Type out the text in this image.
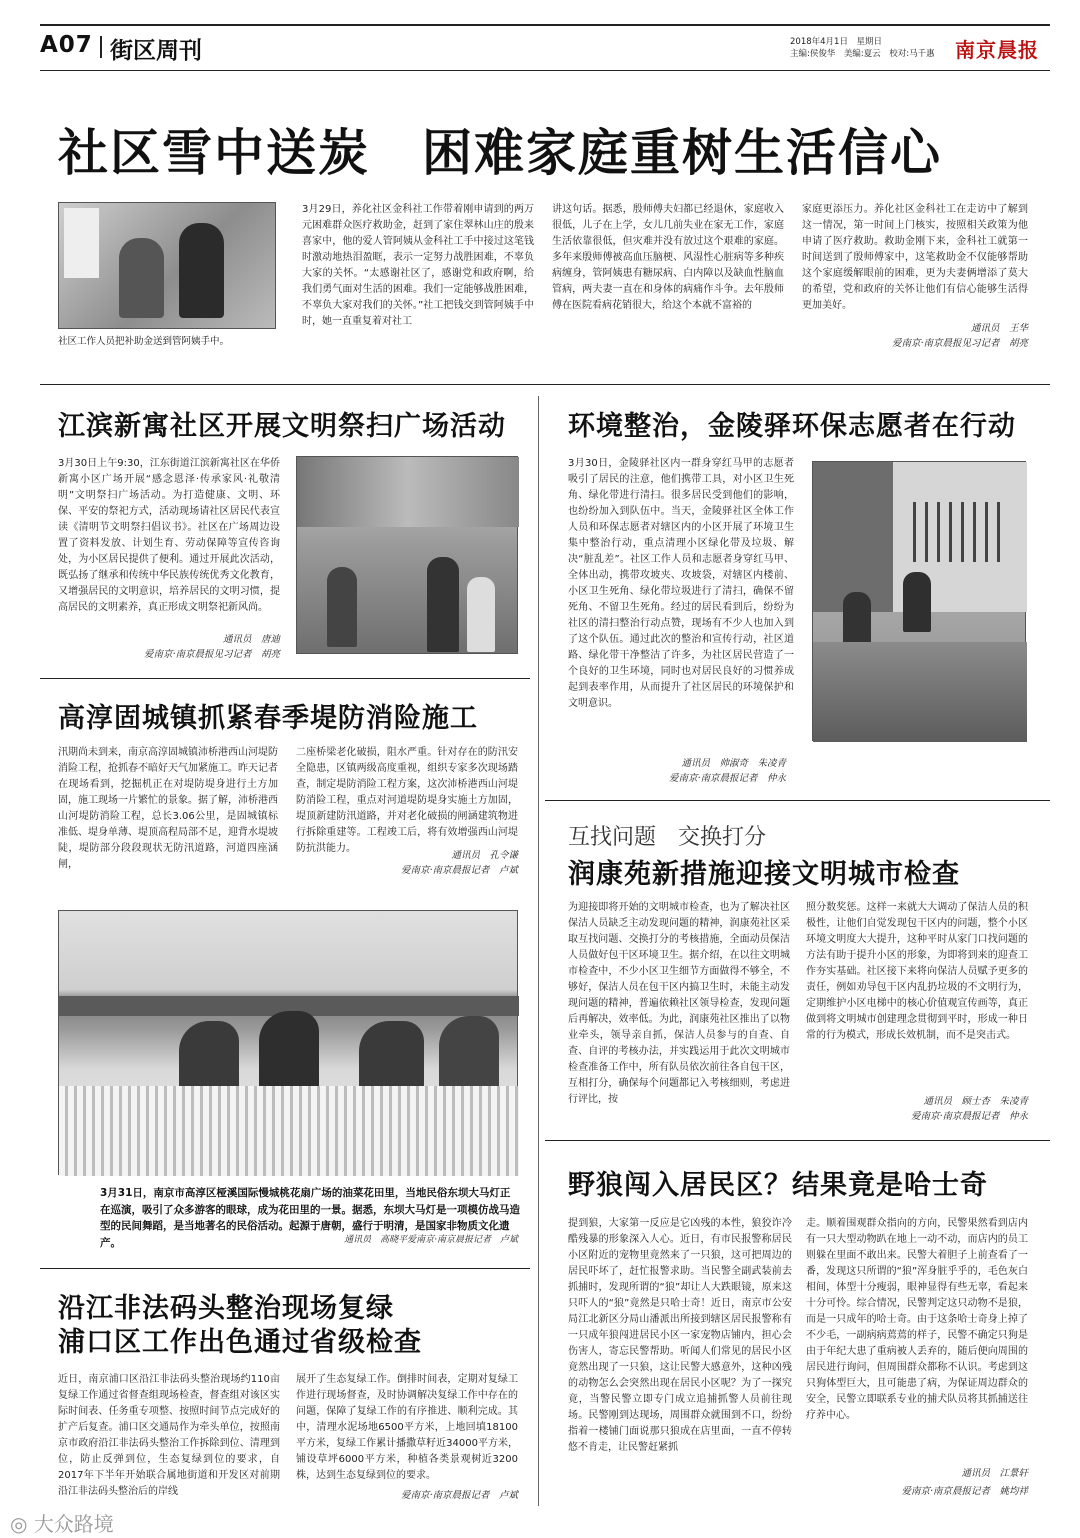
A07 街区周刊	2018年4月1日　星期日
主编:侯俊华　美编:夏云　校对:马千惠	南京晨报
社区雪中送炭　困难家庭重树生活信心
社区工作人员把补助金送到管阿姨手中。
3月29日，养化社区金科社工作带着刚申请到的两万元困难群众医疗救助金，赶到了家住翠林山庄的殷来喜家中，他的爱人管阿姨从金科社工手中接过这笔钱时激动地热泪盈眶，表示一定努力战胜困难，不辜负大家的关怀。“太感谢社区了，感谢党和政府啊，给我们勇气面对生活的困难。我们一定能够战胜困难，不辜负大家对我们的关怀。”社工把钱交到管阿姨手中时，她一直重复着对社工
讲这句话。据悉，殷师傅夫妇都已经退休，家庭收入很低，儿子在上学，女儿几前失业在家无工作，家庭生活依靠很低，但灾难并没有放过这个艰难的家庭。多年来殷师傅被高血压脑梗、风湿性心脏病等多种疾病缠身，管阿姨患有糖尿病、白内障以及缺血性脑血管病，两夫妻一直在和身体的病痛作斗争。去年殷师傅在医院看病花销很大，给这个本就不富裕的
家庭更添压力。养化社区金科社工在走访中了解到这一情况，第一时间上门核实，按照相关政策为他申请了医疗救助。救助金刚下来，金科社工就第一时间送到了殷师傅家中，这笔救助金不仅能够帮助这个家庭缓解眼前的困难，更为夫妻俩增添了莫大的希望，党和政府的关怀让他们有信心能够生活得更加美好。
通讯员　王华
爱南京·南京晨报见习记者　胡亮
江滨新寓社区开展文明祭扫广场活动
3月30日上午9:30，江东街道江滨新寓社区在华侨新寓小区广场开展“感念恩泽·传承家风·礼敬清明”文明祭扫广场活动。为打造健康、文明、环保、平安的祭祀方式，活动现场请社区居民代表宣读《清明节文明祭扫倡议书》。社区在广场周边设置了资料发放、计划生育、劳动保障等宣传咨询处，为小区居民提供了便利。通过开展此次活动，既弘扬了继承和传统中华民族传统优秀文化教育，又增强居民的文明意识，培养居民的文明习惯，提高居民的文明素养，真正形成文明祭祀新风尚。
通讯员　唐迪
爱南京·南京晨报见习记者　胡亮
高淳固城镇抓紧春季堤防消险施工
汛期尚未到来，南京高淳固城镇沛桥港西山河堤防消险工程，抢抓春不暗好天气加紧施工。昨天记者在现场看到，挖掘机正在对堤防堤身进行土方加固，施工现场一片繁忙的景象。据了解，沛桥港西山河堤防消险工程，总长3.06公里，是固城镇标准低、堤身单薄、堤顶高程局部不足，迎背水堤坡陡，堤防部分段段现状无防汛道路，河道四座涵闸，
二座桥梁老化破损，阻水严重。针对存在的防汛安全隐患，区镇两级高度重视，组织专家多次现场踏查，制定堤防消险工程方案，这次沛桥港西山河堤防消险工程，重点对河道堤防堤身实施土方加固，堤顶新建防汛道路，并对老化破损的闸涵建筑物进行拆除重建等。工程竣工后，将有效增强西山河堤防抗洪能力。
通讯员　孔令谦
爱南京·南京晨报记者　卢斌
3月31日，南京市高淳区桠溪国际慢城桃花扇广场的油菜花田里，当地民俗东坝大马灯正在巡演，吸引了众多游客的眼球，成为花田里的一景。据悉，东坝大马灯是一项模仿战马造型的民间舞蹈，是当地著名的民俗活动。起源于唐朝，盛行于明清，是国家非物质文化遗产。	通讯员　高晓平爱南京·南京晨报记者　卢斌
沿江非法码头整治现场复绿
浦口区工作出色通过省级检查
近日，南京浦口区沿江非法码头整治现场约110亩复绿工作通过省督查组现场检查，督查组对该区实际时间表、任务重专项整、按照时间节点完成好的扩产后复查。浦口区交通局作为牵头单位，按照南京市政府沿江非法码头整治工作拆除到位、清理到位，防止反弹到位，生态复绿到位的要求，自2017年下半年开始联合属地街道和开发区对前期沿江非法码头整治后的岸线
展开了生态复绿工作。倒排时间表，定期对复绿工作进行现场督查，及时协调解决复绿工作中存在的问题，保障了复绿工作的有序推进、顺利完成。其中，清理水泥场地6500平方米，上地回填18100平方米，复绿工作累计播撒草籽近34000平方米，铺设草坪6000平方米，种植各类景观树近3200株，达到生态复绿到位的要求。
爱南京·南京晨报记者　卢斌
环境整治，金陵驿环保志愿者在行动
3月30日，金陵驿社区内一群身穿红马甲的志愿者吸引了居民的注意，他们携带工具，对小区卫生死角、绿化带进行清扫。很多居民受到他们的影响，也纷纷加入到队伍中。当天，金陵驿社区全体工作人员和环保志愿者对辖区内的小区开展了环境卫生集中整治行动，重点清理小区绿化带及垃圾、解决“脏乱差”。社区工作人员和志愿者身穿红马甲、全体出动，携带攻坡夹、攻坡袋，对辖区内楼前、小区卫生死角、绿化带垃圾进行了清扫，确保不留死角、不留卫生死角。经过的居民看到后，纷纷为社区的清扫整治行动点赞，现场有不少人也加入到了这个队伍。通过此次的整治和宣传行动，社区道路、绿化带干净整洁了许多，为社区居民营造了一个良好的卫生环境，同时也对居民良好的习惯养成起到表率作用，从而提升了社区居民的环境保护和文明意识。
通讯员　帅淑奇　朱凌青
爱南京·南京晨报记者　仲永
互找问题　交换打分
润康苑新措施迎接文明城市检查
为迎接即将开始的文明城市检查，也为了解决社区保洁人员缺乏主动发现问题的精神，润康苑社区采取互找问题、交换打分的考核措施，全面动员保洁人员做好包干区环境卫生。据介绍，在以往文明城市检查中，不少小区卫生细节方面做得不够全，不够好，保洁人员在包干区内搞卫生时，未能主动发现问题的精神，普遍依赖社区领导检查，发现问题后再解决，效率低。为此，润康苑社区推出了以物业牵头，领导亲自抓，保洁人员参与的自查、自查、自评的考核办法，并实践运用于此次文明城市检查准备工作中，所有队员依次前往各自包干区，互相打分，确保每个问题都记入考核细则，考虑进行评比，按
照分数奖惩。这样一来就大大调动了保洁人员的积极性，让他们自觉发现包干区内的问题，整个小区环境文明度大大提升，这种平时从家门口找问题的方法有助于提升小区的形象，为即将到来的迎查工作夯实基础。社区接下来将向保洁人员赋予更多的责任，例如劝导包干区内乱扔垃圾的不文明行为，定期维护小区电梯中的核心价值观宣传画等，真正做到将文明城市创建理念贯彻到平时，形成一种日常的行为模式，形成长效机制，而不是突击式。
通讯员　顾士杏　朱凌青
爱南京·南京晨报记者　仲永
野狼闯入居民区？结果竟是哈士奇
提到狼，大家第一反应是它凶残的本性，狼狡诈冷酷残暴的形象深入人心。近日，有市民报警称居民小区附近的宠物里竟然来了一只狼，这可把周边的居民吓坏了，赶忙报警求助。当民警全副武装前去抓捕时，发现所谓的“狼”却让人大跌眼镜，原来这只吓人的“狼”竟然是只哈士奇！近日，南京市公安局江北新区分局山潘派出所接到辖区居民报警称有一只成年狼闯进居民小区一家宠物店铺内，担心会伤害人，寄忘民警帮助。听闻人们常见的居民小区竟然出现了一只狼，这让民警大感意外，这种凶残的动物怎么会突然出现在居民小区呢？为了一探究竟，当警民警立即专门成立追捕抓警人员前往现场。民警刚到达现场，周围群众就围到不口，纷纷指着一楼铺门面说那只狼成在店里面，一直不停转悠不肯走，让民警赶紧抓
走。顺着围观群众指向的方向，民警果然看到店内有一只大型动物趴在地上一动不动，而店内的员工则躲在里面不敢出来。民警大着胆子上前查看了一番，发现这只所谓的“狼”浑身脏乎乎的，毛色灰白相间，体型十分瘦弱，眼神显得有些无辜，看起来十分可怜。综合情况，民警判定这只动物不是狼，而是一只成年的哈士奇。由于这条哈士奇身上掉了不少毛，一副病病蔫蔫的样子，民警不确定只狗是由于年纪大患了重病被人丢弃的，随后便向周围的居民进行询问，但周围群众都称不认识。考虑到这只狗体型巨大，且可能患了病，为保证周边群众的安全，民警立即联系专业的捕犬队员将其抓捕送往疗养中心。
通讯员　江景轩
爱南京·南京晨报记者　姚均祥
◎ 大众路境
